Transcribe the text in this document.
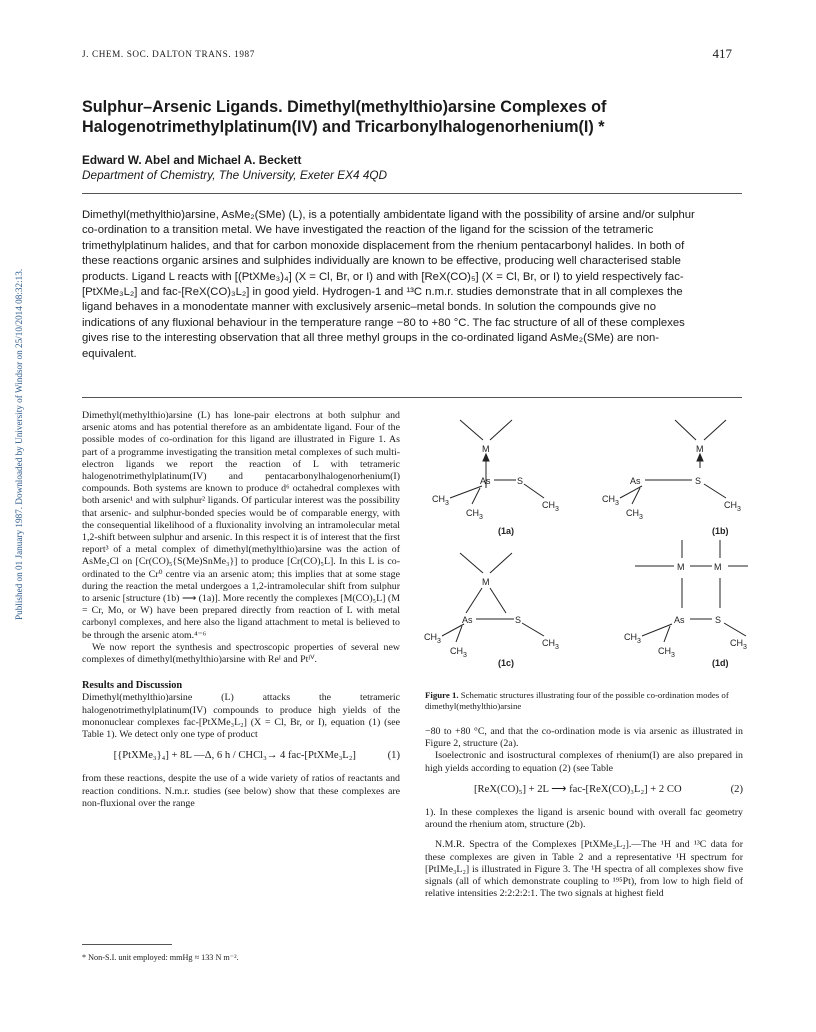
Published on 01 January 1987. Downloaded by University of Windsor on 25/10/2014 08:32:13.
J. CHEM. SOC. DALTON TRANS. 1987	417
Sulphur–Arsenic Ligands. Dimethyl(methylthio)arsine Complexes of Halogenotrimethylplatinum(IV) and Tricarbonylhalogenorhenium(I) *
Edward W. Abel and Michael A. Beckett
Department of Chemistry, The University, Exeter EX4 4QD
Dimethyl(methylthio)arsine, AsMe₂(SMe) (L), is a potentially ambidentate ligand with the possibility of arsine and/or sulphur co-ordination to a transition metal. We have investigated the reaction of the ligand for the scission of the tetrameric trimethylplatinum halides, and that for carbon monoxide displacement from the rhenium pentacarbonyl halides. In both of these reactions organic arsines and sulphides individually are known to be effective, producing well characterised stable products. Ligand L reacts with [(PtXMe₃)₄] (X = Cl, Br, or I) and with [ReX(CO)₅] (X = Cl, Br, or I) to yield respectively fac-[PtXMe₃L₂] and fac-[ReX(CO)₃L₂] in good yield. Hydrogen-1 and ¹³C n.m.r. studies demonstrate that in all complexes the ligand behaves in a monodentate manner with exclusively arsenic–metal bonds. In solution the compounds give no indications of any fluxional behaviour in the temperature range −80 to +80 °C. The fac structure of all of these complexes gives rise to the interesting observation that all three methyl groups in the co-ordinated ligand AsMe₂(SMe) are non-equivalent.

Dimethyl(methylthio)arsine (L) has lone-pair electrons at both sulphur and arsenic atoms and has potential therefore as an ambidentate ligand. Four of the possible modes of co-ordination for this ligand are illustrated in Figure 1. As part of a programme investigating the transition metal complexes of such multi-electron ligands we report the reaction of L with tetrameric halogenotrimethylplatinum(IV) and pentacarbonylhalogenorhenium(I) compounds. Both systems are known to produce d⁶ octahedral complexes with both arsenic¹ and with sulphur² ligands. Of particular interest was the possibility that arsenic- and sulphur-bonded species would be of comparable energy, with the consequential likelihood of a fluxionality involving an intramolecular metal 1,2-shift between sulphur and arsenic. In this respect it is of interest that the first report³ of a metal complex of dimethyl(methylthio)arsine was the action of AsMe₂Cl on [Cr(CO)₅{S(Me)SnMe₃}] to produce [Cr(CO)₅L]. In this L is co-ordinated to the Cr⁰ centre via an arsenic atom; this implies that at some stage during the reaction the metal undergoes a 1,2-intramolecular shift from sulphur to arsenic [structure (1b) ⟶ (1a)]. More recently the complexes [M(CO)₅L] (M = Cr, Mo, or W) have been prepared directly from reaction of L with metal carbonyl complexes, and here also the ligand attachment to metal is believed to be through the arsenic atom.⁴⁻⁶

We now report the synthesis and spectroscopic properties of several new complexes of dimethyl(methylthio)arsine with Reᴵ and Ptᴵⱽ.

Results and Discussion

Dimethyl(methylthio)arsine (L) attacks the tetrameric halogenotrimethylplatinum(IV) compounds to produce high yields of the mononuclear complexes fac-[PtXMe₃L₂] (X = Cl, Br, or I), equation (1) (see Table 1). We detect only one type of product

[{PtXMe₃}₄] + 8L —Δ, 6 h / CHCl₃→ 4 fac-[PtXMe₃L₂]	(1)

from these reactions, despite the use of a wide variety of ratios of reactants and reaction conditions. N.m.r. studies (see below) show that these complexes are non-fluxional over the range

* Non-S.I. unit employed: mmHg ≈ 133 N m⁻².
M
As	S
$CH_3$
$CH_3$
$CH_3$
(1a)
M
As	S
$CH_3$
$CH_3$
$CH_3$
(1b)
M
As	S
$CH_3$
$CH_3$
$CH_3$
(1c)
M	M
As	S
$CH_3$
$CH_3$
$CH_3$
(1d)
Figure 1. Schematic structures illustrating four of the possible co-ordination modes of dimethyl(methylthio)arsine

−80 to +80 °C, and that the co-ordination mode is via arsenic as illustrated in Figure 2, structure (2a).

Isoelectronic and isostructural complexes of rhenium(I) are also prepared in high yields according to equation (2) (see Table

[ReX(CO)₅] + 2L ⟶ fac-[ReX(CO)₃L₂] + 2 CO	(2)

1). In these complexes the ligand is arsenic bound with overall fac geometry around the rhenium atom, structure (2b).

N.M.R. Spectra of the Complexes [PtXMe₃L₂].—The ¹H and ¹³C data for these complexes are given in Table 2 and a representative ¹H spectrum for [PtIMe₃L₂] is illustrated in Figure 3. The ¹H spectra of all complexes show five signals (all of which demonstrate coupling to ¹⁹⁵Pt), from low to high field of relative intensities 2:2:2:2:1. The two signals at highest field
